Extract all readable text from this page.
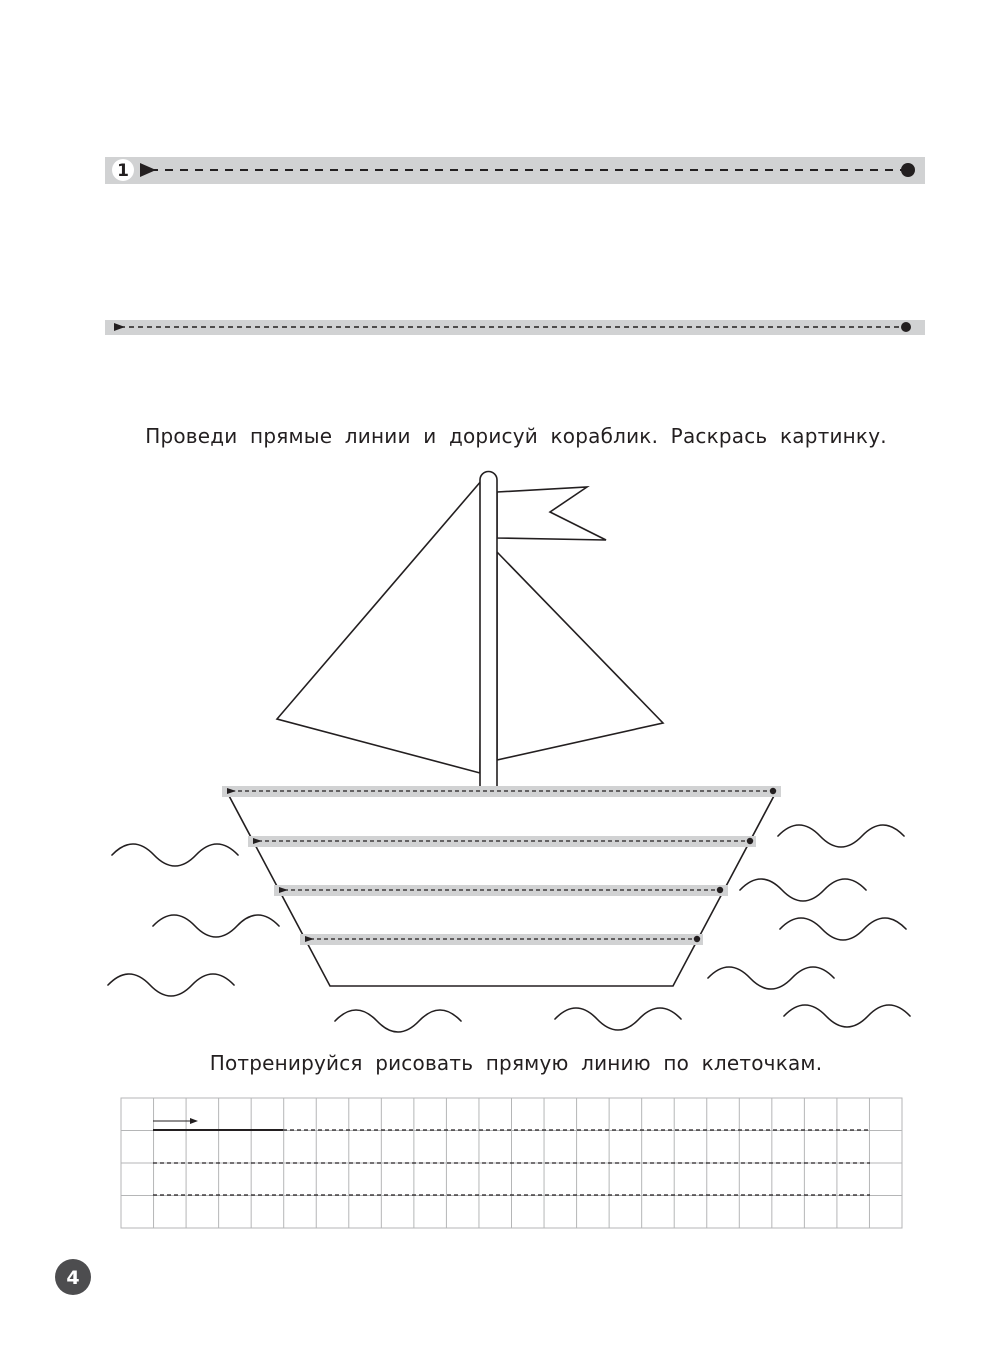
1
4
Проведи прямые линии и дорисуй кораблик. Раскрась картинку.
Потренируйся рисовать прямую линию по клеточкам.
